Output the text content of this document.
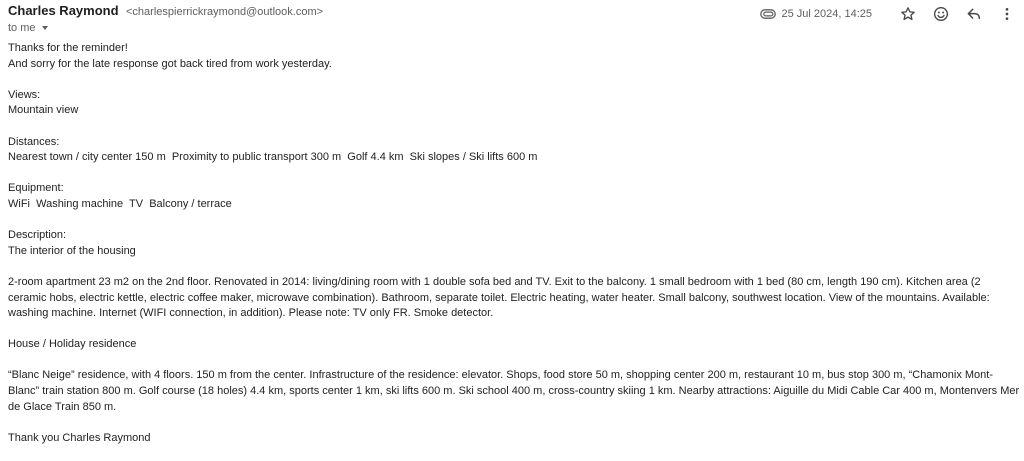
Charles Raymond <charlespierrickraymond@outlook.com>
to me
25 Jul 2024, 14:25
Thanks for the reminder!
And sorry for the late response got back tired from work yesterday.
Views:
Mountain view
Distances:
Nearest town / city center 150 m  Proximity to public transport 300 m  Golf 4.4 km  Ski slopes / Ski lifts 600 m
Equipment:
WiFi  Washing machine  TV  Balcony / terrace
Description:
The interior of the housing
2-room apartment 23 m2 on the 2nd floor. Renovated in 2014: living/dining room with 1 double sofa bed and TV. Exit to the balcony. 1 small bedroom with 1 bed (80 cm, length 190 cm). Kitchen area (2 ceramic hobs, electric kettle, electric coffee maker, microwave combination). Bathroom, separate toilet. Electric heating, water heater. Small balcony, southwest location. View of the mountains. Available: washing machine. Internet (WIFI connection, in addition). Please note: TV only FR. Smoke detector.
House / Holiday residence
“Blanc Neige” residence, with 4 floors. 150 m from the center. Infrastructure of the residence: elevator. Shops, food store 50 m, shopping center 200 m, restaurant 10 m, bus stop 300 m, “Chamonix Mont-Blanc” train station 800 m. Golf course (18 holes) 4.4 km, sports center 1 km, ski lifts 600 m. Ski school 400 m, cross-country skiing 1 km. Nearby attractions: Aiguille du Midi Cable Car 400 m, Montenvers Mer de Glace Train 850 m.
Thank you Charles Raymond
